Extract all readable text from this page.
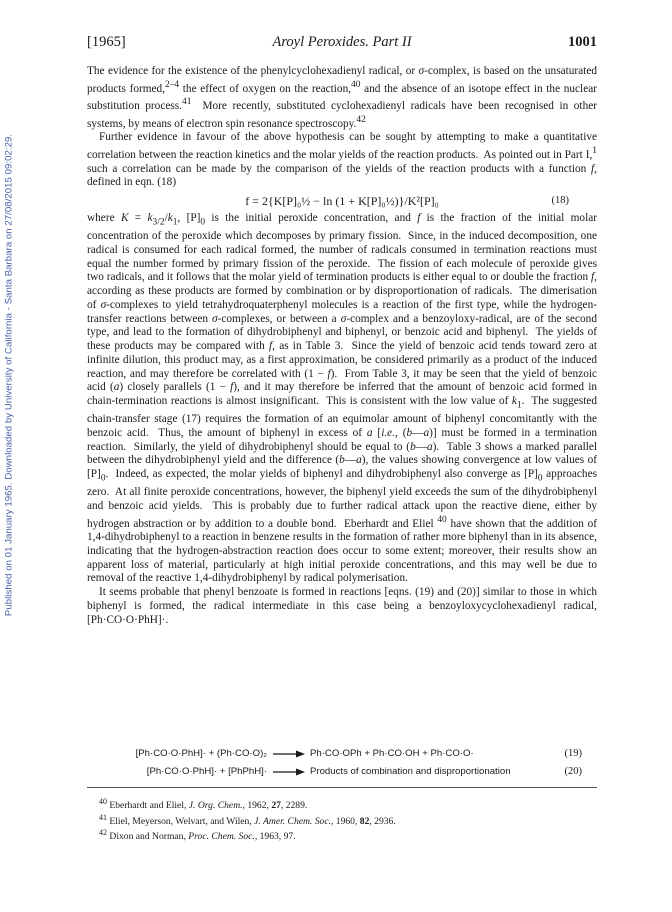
Published on 01 January 1965. Downloaded by University of California - Santa Barbara on 27/08/2015 09:02:29.
[1965]	Aroyl Peroxides. Part II	1001

The evidence for the existence of the phenylcyclohexadienyl radical, or σ-complex, is based on the unsaturated products formed,$^{2-4}$ the effect of oxygen on the reaction,$^{40}$ and the absence of an isotope effect in the nuclear substitution process.$^{41}$  More recently, substituted cyclohexadienyl radicals have been recognised in other systems, by means of electron spin resonance spectroscopy.$^{42}$

Further evidence in favour of the above hypothesis can be sought by attempting to make a quantitative correlation between the reaction kinetics and the molar yields of the reaction products.  As pointed out in Part I,$^1$ such a correlation can be made by the comparison of the yields of the reaction products with a function f, defined in eqn. (18)

f = 2{K[P]₀½ − ln (1 + K[P]₀½)}/K²[P]₀	(18)

where $K = k_{3/2}/k_1$, $[P]_0$ is the initial peroxide concentration, and f is the fraction of the initial molar concentration of the peroxide which decomposes by primary fission.  Since, in the induced decomposition, one radical is consumed for each radical formed, the number of radicals consumed in termination reactions must equal the number formed by primary fission of the peroxide.  The fission of each molecule of peroxide gives two radicals, and it follows that the molar yield of termination products is either equal to or double the fraction f, according as these products are formed by combination or by disproportionation of radicals.  The dimerisation of σ-complexes to yield tetrahydroquaterphenyl molecules is a reaction of the first type, while the hydrogen-transfer reactions between σ-complexes, or between a σ-complex and a benzoyloxy-radical, are of the second type, and lead to the formation of dihydrobiphenyl and biphenyl, or benzoic acid and biphenyl.  The yields of these products may be compared with f, as in Table 3.  Since the yield of benzoic acid tends toward zero at infinite dilution, this product may, as a first approximation, be considered primarily as a product of the induced reaction, and may therefore be correlated with (1 − f).  From Table 3, it may be seen that the yield of benzoic acid (a) closely parallels (1 − f), and it may therefore be inferred that the amount of benzoic acid formed in chain-termination reactions is almost insignificant.  This is consistent with the low value of $k_1$.  The suggested chain-transfer stage (17) requires the formation of an equimolar amount of biphenyl concomitantly with the benzoic acid.  Thus, the amount of biphenyl in excess of a [i.e., (b—a)] must be formed in a termination reaction.  Similarly, the yield of dihydrobiphenyl should be equal to (b—a).  Table 3 shows a marked parallel between the dihydrobiphenyl yield and the difference (b—a), the values showing convergence at low values of $[P]_0$.  Indeed, as expected, the molar yields of biphenyl and dihydrobiphenyl also converge as $[P]_0$ approaches zero.  At all finite peroxide concentrations, however, the biphenyl yield exceeds the sum of the dihydrobiphenyl and benzoic acid yields.  This is probably due to further radical attack upon the reactive diene, either by hydrogen abstraction or by addition to a double bond.  Eberhardt and Eliel $^{40}$ have shown that the addition of 1,4-dihydrobiphenyl to a reaction in benzene results in the formation of rather more biphenyl than in its absence, indicating that the hydrogen-abstraction reaction does occur to some extent; moreover, their results show an apparent loss of material, particularly at high initial peroxide concentrations, and this may well be due to removal of the reactive 1,4-dihydrobiphenyl by radical polymerisation.

It seems probable that phenyl benzoate is formed in reactions [eqns. (19) and (20)] similar to those in which biphenyl is formed, the radical intermediate in this case being a benzoyloxycyclohexadienyl radical, [Ph·CO·O·PhH]·.

[Ph·CO·O·PhH]· + (Ph·CO·O)₂ → Ph·CO·OPh + Ph·CO·OH + Ph·CO·O·	(19)
[Ph·CO·O·PhH]· + [PhPhH]· → Products of combination and disproportionation	(20)

$^{40}$ Eberhardt and Eliel, J. Org. Chem., 1962, 27, 2289.

$^{41}$ Eliel, Meyerson, Welvart, and Wilen, J. Amer. Chem. Soc., 1960, 82, 2936.

$^{42}$ Dixon and Norman, Proc. Chem. Soc., 1963, 97.
